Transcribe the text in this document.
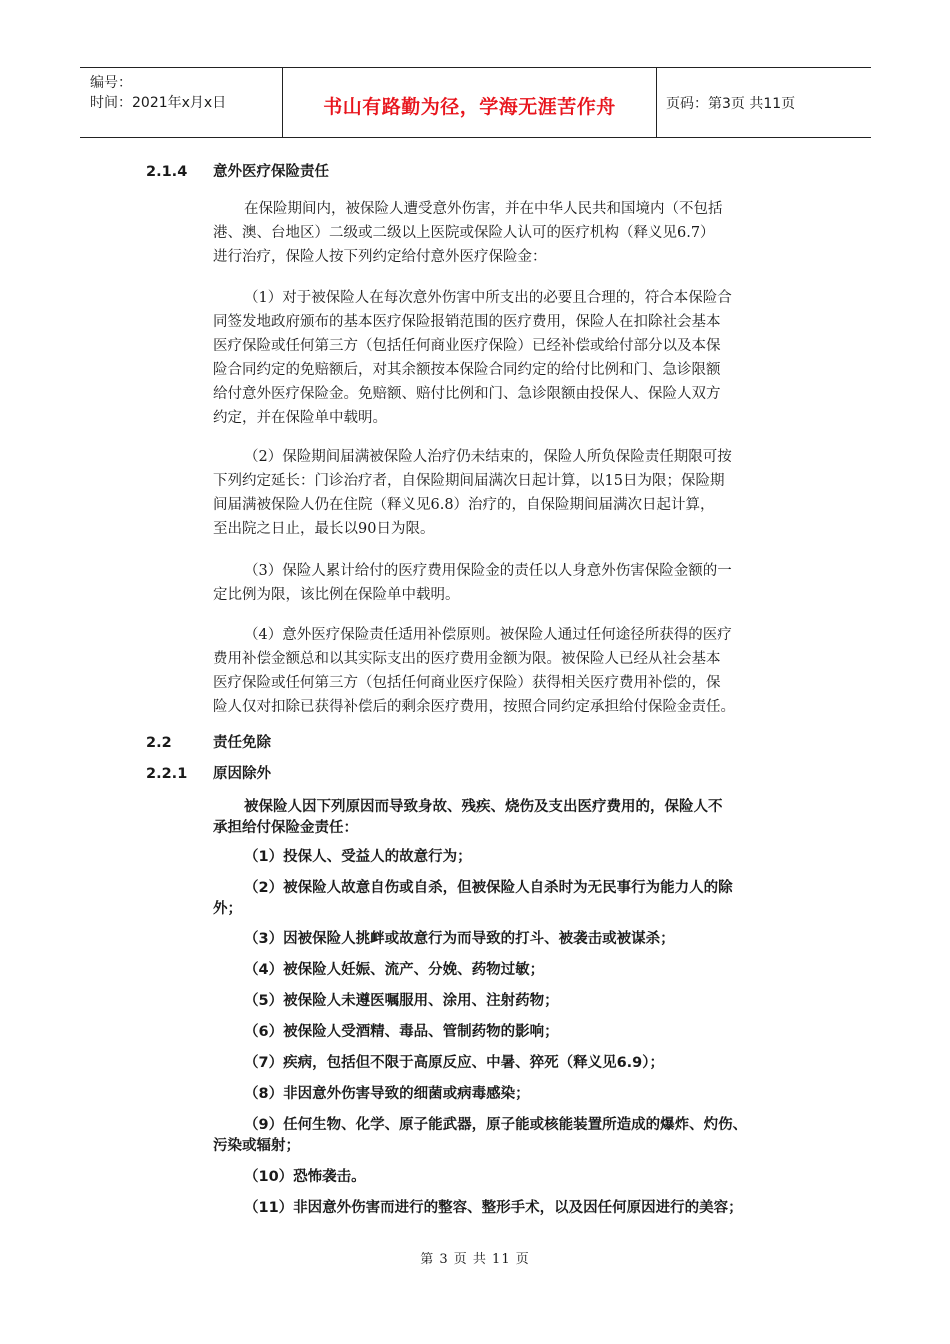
编号：
时间：2021年x月x日	书山有路勤为径，学海无涯苦作舟	页码：第3页 共11页
2.1.4 意外医疗保险责任
在保险期间内，被保险人遭受意外伤害，并在中华人民共和国境内（不包括
港、澳、台地区）二级或二级以上医院或保险人认可的医疗机构（释义见6.7）
进行治疗，保险人按下列约定给付意外医疗保险金：
（1）对于被保险人在每次意外伤害中所支出的必要且合理的，符合本保险合
同签发地政府颁布的基本医疗保险报销范围的医疗费用，保险人在扣除社会基本
医疗保险或任何第三方（包括任何商业医疗保险）已经补偿或给付部分以及本保
险合同约定的免赔额后，对其余额按本保险合同约定的给付比例和门、急诊限额
给付意外医疗保险金。免赔额、赔付比例和门、急诊限额由投保人、保险人双方
约定，并在保险单中载明。
（2）保险期间届满被保险人治疗仍未结束的，保险人所负保险责任期限可按
下列约定延长：门诊治疗者，自保险期间届满次日起计算，以15日为限；保险期
间届满被保险人仍在住院（释义见6.8）治疗的，自保险期间届满次日起计算，
至出院之日止，最长以90日为限。
（3）保险人累计给付的医疗费用保险金的责任以人身意外伤害保险金额的一
定比例为限，该比例在保险单中载明。
（4）意外医疗保险责任适用补偿原则。被保险人通过任何途径所获得的医疗
费用补偿金额总和以其实际支出的医疗费用金额为限。被保险人已经从社会基本
医疗保险或任何第三方（包括任何商业医疗保险）获得相关医疗费用补偿的，保
险人仅对扣除已获得补偿后的剩余医疗费用，按照合同约定承担给付保险金责任。
2.2	责任免除
2.2.1 原因除外
被保险人因下列原因而导致身故、残疾、烧伤及支出医疗费用的，保险人不
承担给付保险金责任：
（1）投保人、受益人的故意行为；
（2）被保险人故意自伤或自杀，但被保险人自杀时为无民事行为能力人的除
外；
（3）因被保险人挑衅或故意行为而导致的打斗、被袭击或被谋杀；
（4）被保险人妊娠、流产、分娩、药物过敏；
（5）被保险人未遵医嘱服用、涂用、注射药物；
（6）被保险人受酒精、毒品、管制药物的影响；
（7）疾病，包括但不限于高原反应、中暑、猝死（释义见6.9）；
（8）非因意外伤害导致的细菌或病毒感染；
（9）任何生物、化学、原子能武器，原子能或核能装置所造成的爆炸、灼伤、
污染或辐射；
（10）恐怖袭击。
（11）非因意外伤害而进行的整容、整形手术，以及因任何原因进行的美容；
第 3 页 共 11 页
